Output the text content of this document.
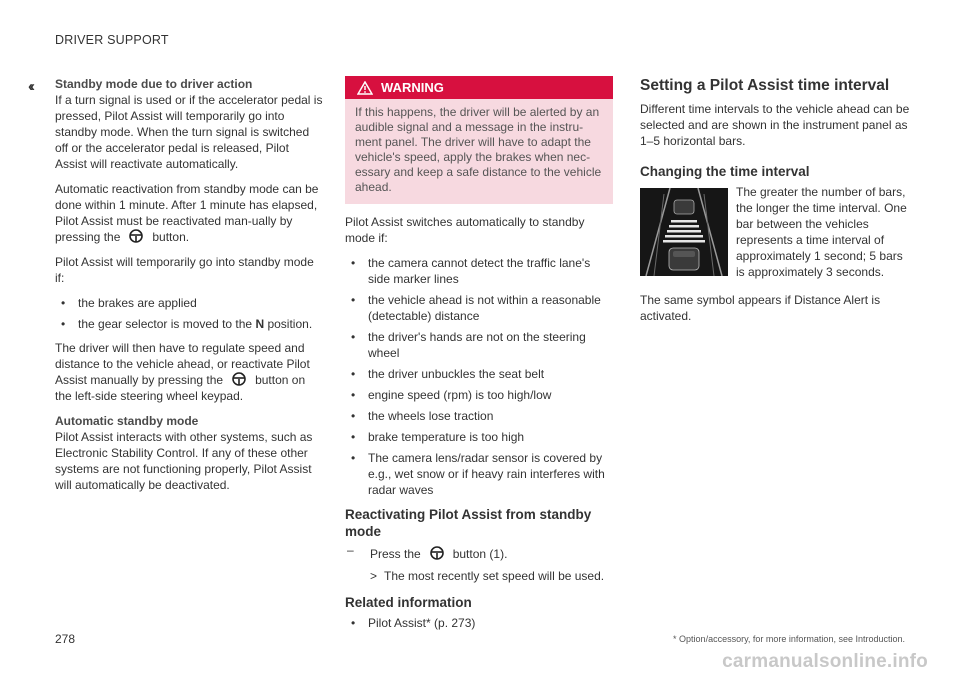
DRIVER SUPPORT
‹‹ Standby mode due to driver action

If a turn signal is used or if the accelerator pedal is pressed, Pilot Assist will temporarily go into standby mode. When the turn signal is switched off or the accelerator pedal is released, Pilot Assist will reactivate automatically.

Automatic reactivation from standby mode can be done within 1 minute. After 1 minute has elapsed, Pilot Assist must be reactivated man-ually by pressing the	button.

Pilot Assist will temporarily go into standby mode if:

• the brakes are applied
• the gear selector is moved to the N position.

The driver will then have to regulate speed and distance to the vehicle ahead, or reactivate Pilot Assist manually by pressing the	button on the left-side steering wheel keypad.

Automatic standby mode

Pilot Assist interacts with other systems, such as Electronic Stability Control. If any of these other systems are not functioning properly, Pilot Assist will automatically be deactivated.

WARNING
If this happens, the driver will be alerted by an audible signal and a message in the instru-ment panel. The driver will have to adapt the vehicle's speed, apply the brakes when nec-essary and keep a safe distance to the vehicle ahead.

Pilot Assist switches automatically to standby mode if:

• the camera cannot detect the traffic lane's side marker lines
• the vehicle ahead is not within a reasonable (detectable) distance
• the driver's hands are not on the steering wheel
• the driver unbuckles the seat belt
• engine speed (rpm) is too high/low
• the wheels lose traction
• brake temperature is too high
• The camera lens/radar sensor is covered by e.g., wet snow or if heavy rain interferes with radar waves
Reactivating Pilot Assist from standby mode
– Press the	button (1).
> The most recently set speed will be used.
Related information
• Pilot Assist* (p. 273)
Setting a Pilot Assist time interval

Different time intervals to the vehicle ahead can be selected and are shown in the instrument panel as 1–5 horizontal bars.

Changing the time interval

The greater the number of bars, the longer the time interval. One bar between the vehicles represents a time interval of approximately 1 second; 5 bars is approximately 3 seconds.

The same symbol appears if Distance Alert is activated.

278	* Option/accessory, for more information, see Introduction.
carmanualsonline.info
